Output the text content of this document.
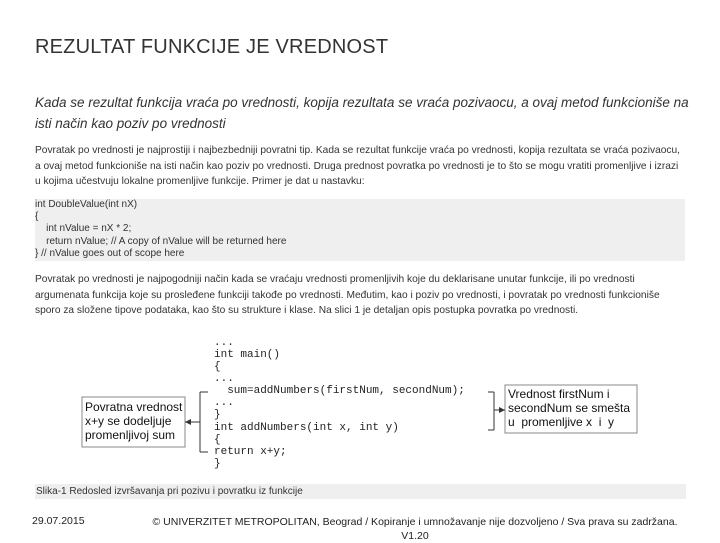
REZULTAT FUNKCIJE JE VREDNOST
Kada se rezultat funkcija vraća po vrednosti, kopija rezultata se vraća pozivaocu, a ovaj metod funkcioniše na isti način kao poziv po vrednosti
Povratak po vrednosti je najprostiji i najbezbedniji povratni tip. Kada se rezultat funkcije vraća po vrednosti, kopija rezultata se vraća pozivaocu, a ovaj metod funkcioniše na isti način kao poziv po vrednosti. Druga prednost povratka po vrednosti je to što se mogu vratiti promenljive i izrazi u kojima učestvuju lokalne promenljive funkcije. Primer je dat u nastavku:
int DoubleValue(int nX)
{
int nValue = nX * 2;
return nValue; // A copy of nValue will be returned here
} // nValue goes out of scope here
Povratak po vrednosti je najpogodniji način kada se vraćaju vrednosti promenljivih koje du deklarisane unutar funkcije, ili po vrednosti argumenata funkcija koje su prosleđene funkciji takođe po vrednosti. Međutim, kao i poziv po vrednosti, i povratak po vrednosti funkcioniše sporo za složene tipove podataka, kao što su strukture i klase. Na slici 1 je detaljan opis postupka povratka po vrednosti.
...
int main()
{
...
sum=addNumbers(firstNum, secondNum);
...
}
int addNumbers(int x, int y)
{
return x+y;
}
Povratna vrednost
x+y se dodeljuje
promenljivoj sum
Vrednost firstNum i
secondNum se smešta
u  promenljive x  i  y
Slika-1 Redosled izvršavanja pri pozivu i povratku iz funkcije
29.07.2015	© UNIVERZITET METROPOLITAN, Beograd / Kopiranje i umnožavanje nije dozvoljeno / Sva prava su zadržana. V1.20
